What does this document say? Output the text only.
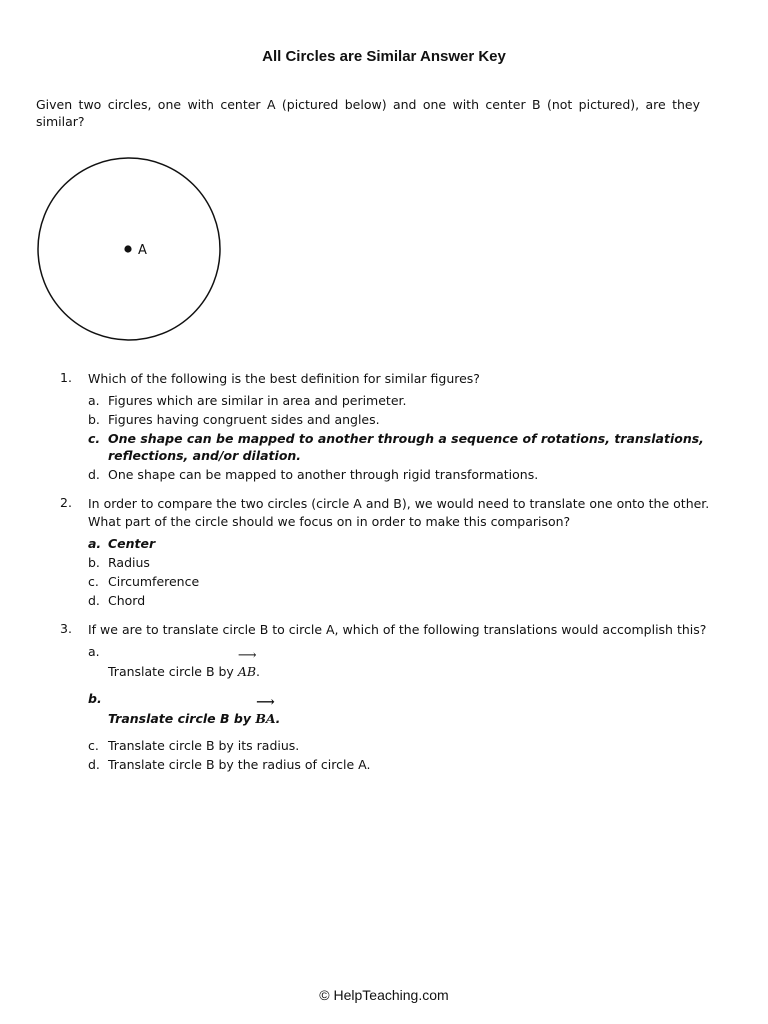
All Circles are Similar Answer Key
Given two circles, one with center A (pictured below) and one with center B (not pictured), are they similar?
A
1. Which of the following is the best definition for similar figures?
a. Figures which are similar in area and perimeter.
b. Figures having congruent sides and angles.
c. One shape can be mapped to another through a sequence of rotations, translations, reflections, and/or dilation.
d. One shape can be mapped to another through rigid transformations.
2. In order to compare the two circles (circle A and B), we would need to translate one onto the other. What part of the circle should we focus on in order to make this comparison?
a. Center
b. Radius
c. Circumference
d. Chord
3. If we are to translate circle B to circle A, which of the following translations would accomplish this?
a.
Translate circle B by
⟶
AB.
b.
Translate circle B by
⟶
BA.
c. Translate circle B by its radius.
d. Translate circle B by the radius of circle A.
© HelpTeaching.com
